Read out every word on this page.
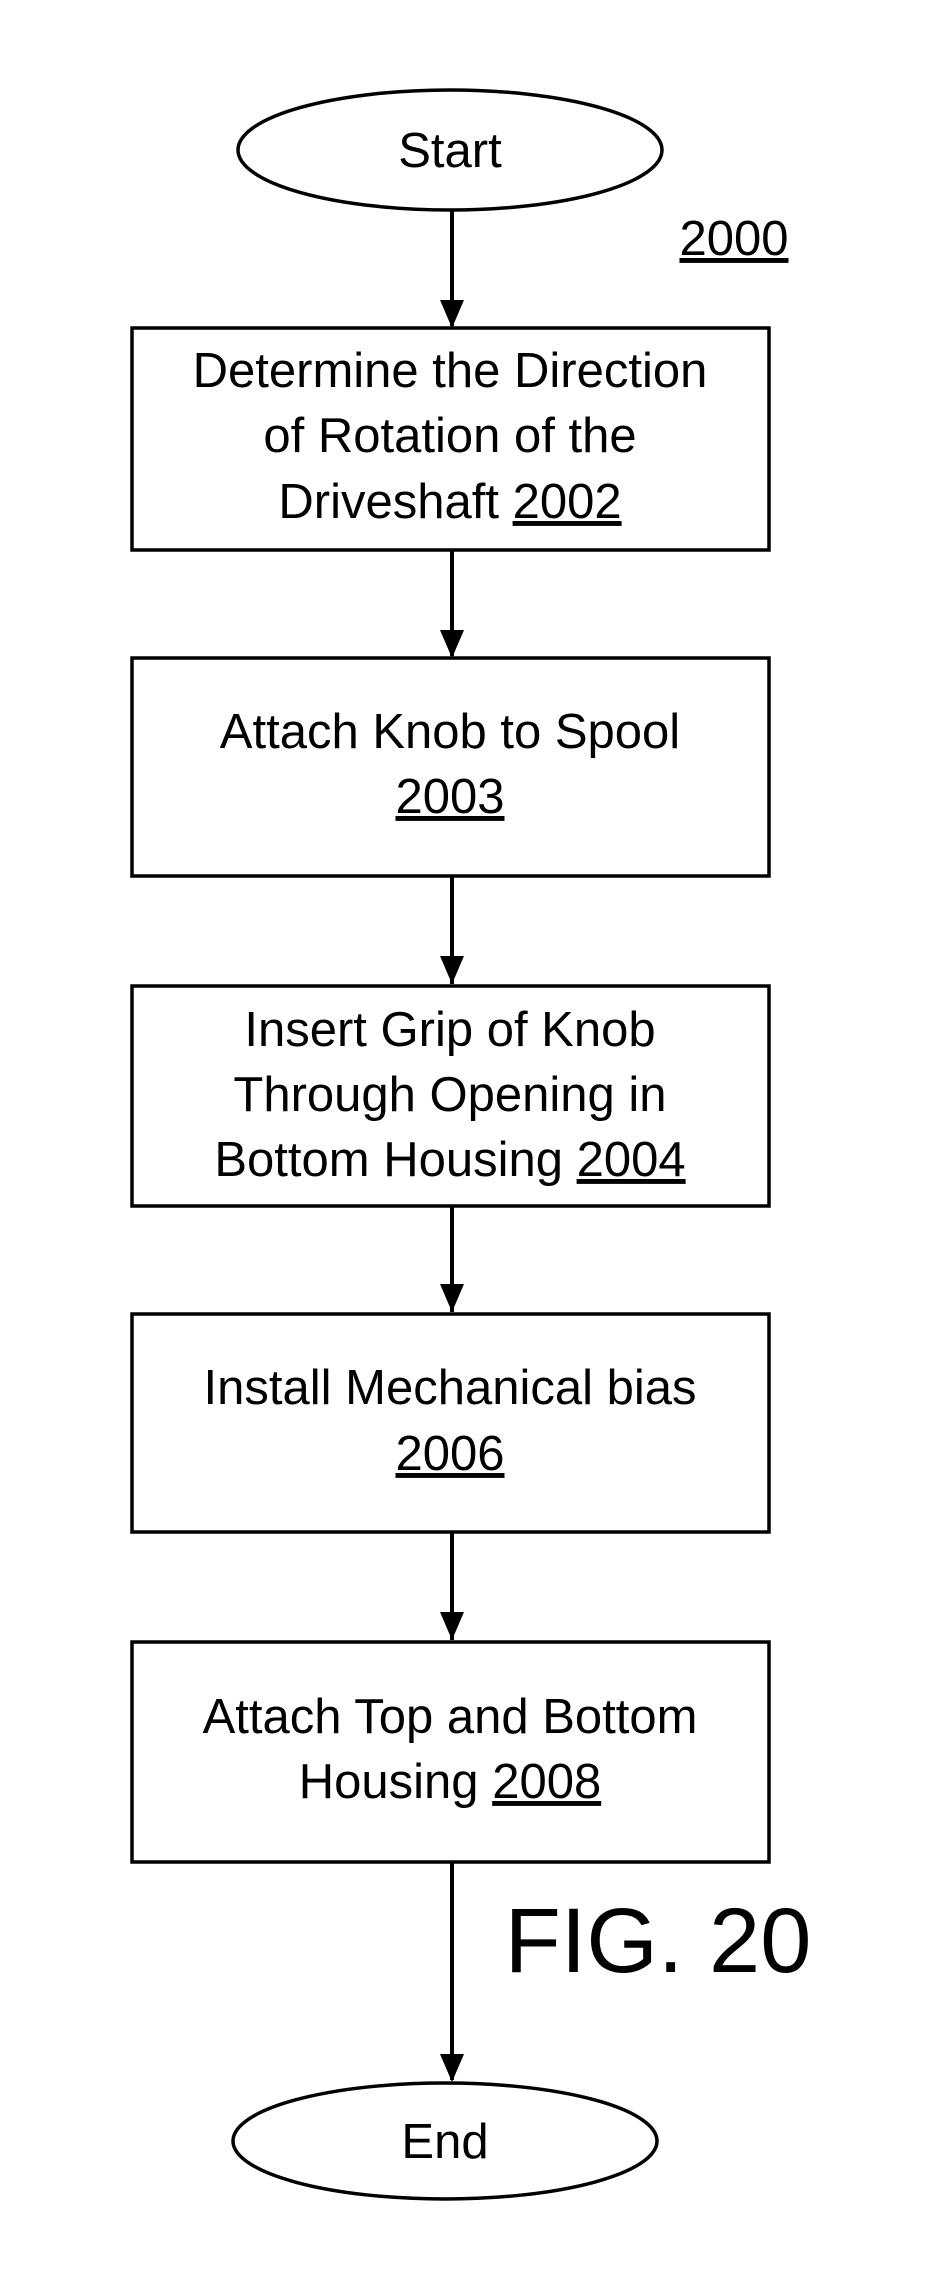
Start
2000
Determine the Direction
of Rotation of the
Driveshaft 2002
Attach Knob to Spool
2003
Insert Grip of Knob
Through Opening in
Bottom Housing 2004
Install Mechanical bias
2006
Attach Top and Bottom
Housing 2008
FIG. 20
End
